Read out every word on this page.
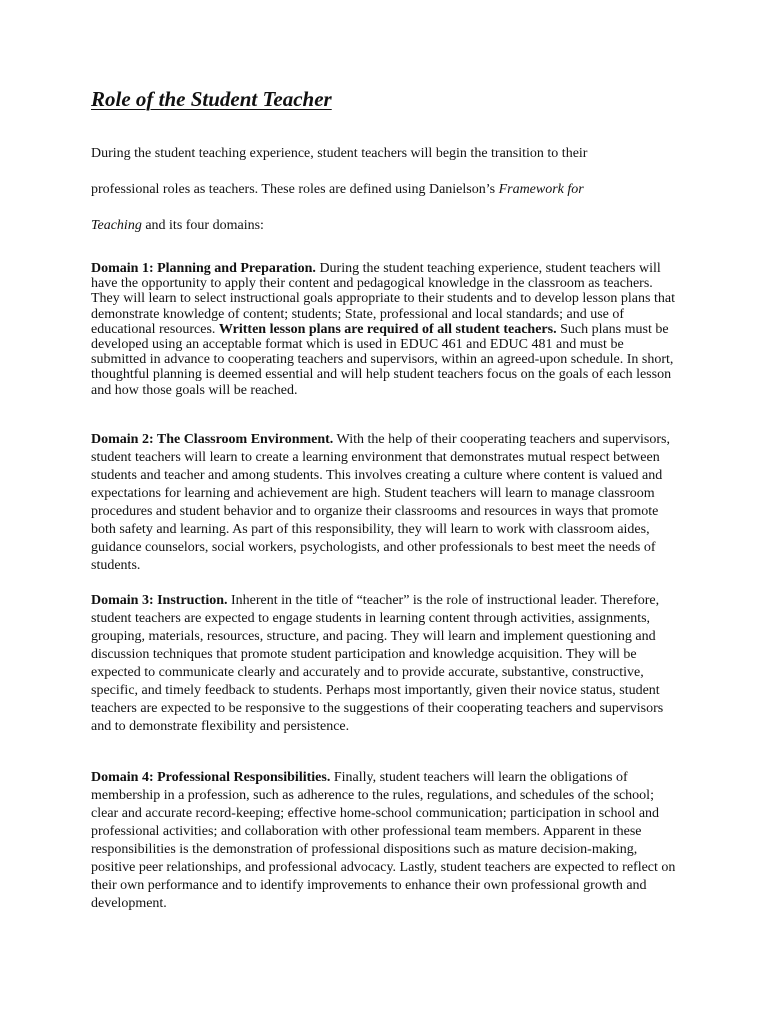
Role of the Student Teacher
During the student teaching experience, student teachers will begin the transition to their
professional roles as teachers. These roles are defined using Danielson’s Framework for
Teaching and its four domains:

Domain 1: Planning and Preparation. During the student teaching experience, student teachers will have the opportunity to apply their content and pedagogical knowledge in the classroom as teachers. They will learn to select instructional goals appropriate to their students and to develop lesson plans that demonstrate knowledge of content; students; State, professional and local standards; and use of educational resources. Written lesson plans are required of all student teachers. Such plans must be developed using an acceptable format which is used in EDUC 461 and EDUC 481 and must be submitted in advance to cooperating teachers and supervisors, within an agreed-upon schedule. In short, thoughtful planning is deemed essential and will help student teachers focus on the goals of each lesson and how those goals will be reached.

Domain 2: The Classroom Environment. With the help of their cooperating teachers and supervisors, student teachers will learn to create a learning environment that demonstrates mutual respect between students and teacher and among students. This involves creating a culture where content is valued and expectations for learning and achievement are high. Student teachers will learn to manage classroom procedures and student behavior and to organize their classrooms and resources in ways that promote both safety and learning. As part of this responsibility, they will learn to work with classroom aides, guidance counselors, social workers, psychologists, and other professionals to best meet the needs of students.

Domain 3: Instruction. Inherent in the title of “teacher” is the role of instructional leader. Therefore, student teachers are expected to engage students in learning content through activities, assignments, grouping, materials, resources, structure, and pacing. They will learn and implement questioning and discussion techniques that promote student participation and knowledge acquisition. They will be expected to communicate clearly and accurately and to provide accurate, substantive, constructive, specific, and timely feedback to students. Perhaps most importantly, given their novice status, student teachers are expected to be responsive to the suggestions of their cooperating teachers and supervisors and to demonstrate flexibility and persistence.

Domain 4: Professional Responsibilities. Finally, student teachers will learn the obligations of membership in a profession, such as adherence to the rules, regulations, and schedules of the school; clear and accurate record-keeping; effective home-school communication; participation in school and professional activities; and collaboration with other professional team members. Apparent in these responsibilities is the demonstration of professional dispositions such as mature decision-making, positive peer relationships, and professional advocacy. Lastly, student teachers are expected to reflect on their own performance and to identify improvements to enhance their own professional growth and development.
